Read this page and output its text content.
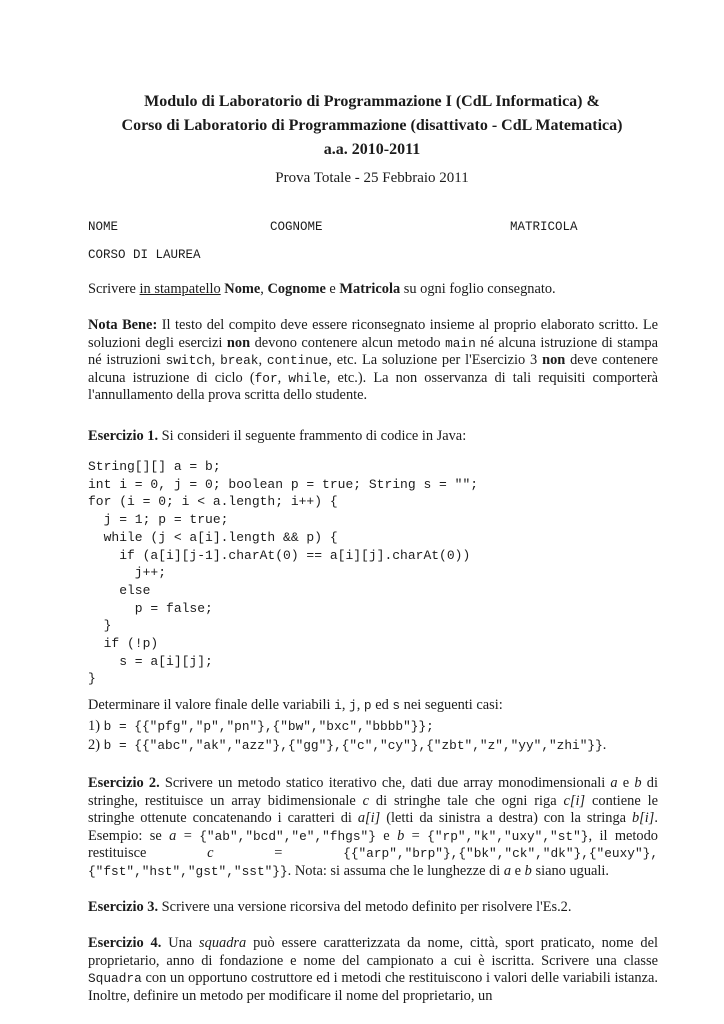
Modulo di Laboratorio di Programmazione I (CdL Informatica) &
Corso di Laboratorio di Programmazione (disattivato - CdL Matematica)
a.a. 2010-2011
Prova Totale - 25 Febbraio 2011
NOME	COGNOME	MATRICOLA
CORSO DI LAUREA
Scrivere in stampatello Nome, Cognome e Matricola su ogni foglio consegnato.
Nota Bene: Il testo del compito deve essere riconsegnato insieme al proprio elaborato scritto. Le soluzioni degli esercizi non devono contenere alcun metodo main né alcuna istruzione di stampa né istruzioni switch, break, continue, etc. La soluzione per l'Esercizio 3 non deve contenere alcuna istruzione di ciclo (for, while, etc.). La non osservanza di tali requisiti comporterà l'annullamento della prova scritta dello studente.
Esercizio 1. Si consideri il seguente frammento di codice in Java:
String[][] a = b;
int i = 0, j = 0; boolean p = true; String s = "";
for (i = 0; i < a.length; i++) {
j = 1; p = true;
while (j < a[i].length && p) {
if (a[i][j-1].charAt(0) == a[i][j].charAt(0))
j++;
else
p = false;
}
if (!p)
s = a[i][j];
}
Determinare il valore finale delle variabili i, j, p ed s nei seguenti casi:
1) b = {{"pfg","p","pn"},{"bw","bxc","bbbb"}};
2) b = {{"abc","ak","azz"},{"gg"},{"c","cy"},{"zbt","z","yy","zhi"}}.
Esercizio 2. Scrivere un metodo statico iterativo che, dati due array monodimensionali a e b di stringhe, restituisce un array bidimensionale c di stringhe tale che ogni riga c[i] contiene le stringhe ottenute concatenando i caratteri di a[i] (letti da sinistra a destra) con la stringa b[i]. Esempio: se a = {"ab","bcd","e","fhgs"} e b = {"rp","k","uxy","st"}, il metodo restituisce c = {{"arp","brp"},{"bk","ck","dk"},{"euxy"},{"fst","hst","gst","sst"}}. Nota: si assuma che le lunghezze di a e b siano uguali.
Esercizio 3. Scrivere una versione ricorsiva del metodo definito per risolvere l'Es.2.
Esercizio 4. Una squadra può essere caratterizzata da nome, città, sport praticato, nome del proprietario, anno di fondazione e nome del campionato a cui è iscritta. Scrivere una classe Squadra con un opportuno costruttore ed i metodi che restituiscono i valori delle variabili istanza. Inoltre, definire un metodo per modificare il nome del proprietario, un
